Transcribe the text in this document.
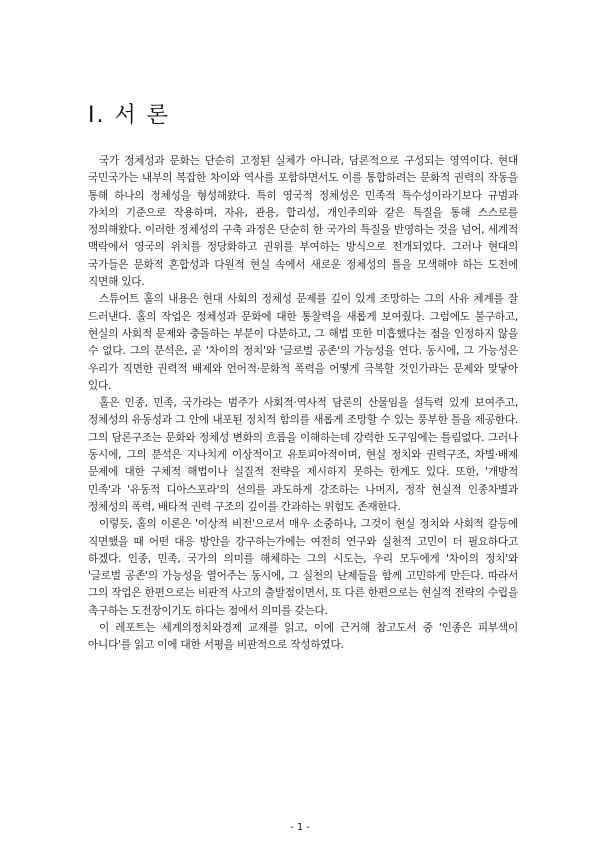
I. 서 론

국가 정체성과 문화는 단순히 고정된 실체가 아니라, 담론적으로 구성되는 영역이다. 현대 국민국가는 내부의 복잡한 차이와 역사를 포함하면서도 이를 통합하려는 문화적 권력의 작동을 통해 하나의 정체성을 형성해왔다. 특히 영국적 정체성은 민족적 특수성이라기보다 규범과 가치의 기준으로 작용하며, 자유, 관용, 합리성, 개인주의와 같은 특질을 통해 스스로를 정의해왔다. 이러한 정체성의 구축 과정은 단순히 한 국가의 특질을 반영하는 것을 넘어, 세계적 맥락에서 영국의 위치를 정당화하고 권위를 부여하는 방식으로 전개되었다. 그러나 현대의 국가들은 문화적 혼합성과 다원적 현실 속에서 새로운 정체성의 틀을 모색해야 하는 도전에 직면해 있다.

스튜어트 홀의 내용은 현대 사회의 정체성 문제를 깊이 있게 조망하는 그의 사유 체계를 잘 드러낸다. 홀의 작업은 정체성과 문화에 대한 통찰력을 새롭게 보여줬다. 그럼에도 불구하고, 현실의 사회적 문제와 충돌하는 부분이 다분하고, 그 해법 또한 미흡했다는 점을 인정하지 않을 수 없다. 그의 분석은, 곧 '차이의 정치'와 '글로벌 공존'의 가능성을 연다. 동시에, 그 가능성은 우리가 직면한 권력적 배제와 언어적·문화적 폭력을 어떻게 극복할 것인가라는 문제와 맞닿아 있다.

홀은 인종, 민족, 국가라는 범주가 사회적·역사적 담론의 산물임을 설득력 있게 보여주고, 정체성의 유동성과 그 안에 내포된 정치적 함의를 새롭게 조망할 수 있는 풍부한 틀을 제공한다. 그의 담론구조는 문화와 정체성 변화의 흐름을 이해하는데 강력한 도구임에는 틀림없다. 그러나 동시에, 그의 분석은 지나치게 이상적이고 유토피아적이며, 현실 정치와 권력구조, 차별·배제 문제에 대한 구체적 해법이나 실질적 전략을 제시하지 못하는 한계도 있다. 또한, '개방적 민족'과 '유동적 디아스포라'의 선의를 과도하게 강조하는 나머지, 정작 현실적 인종차별과 정체성의 폭력, 배타적 권력 구조의 깊이를 간과하는 위험도 존재한다.

이렇듯, 홀의 이론은 '이상적 비전'으로서 매우 소중하나, 그것이 현실 정치와 사회적 갈등에 직면했을 때 어떤 대응 방안을 강구하는가에는 여전히 연구와 실천적 고민이 더 필요하다고 하겠다. 인종, 민족, 국가의 의미를 해체하는 그의 시도는, 우리 모두에게 '차이의 정치'와 '글로벌 공존'의 가능성을 열어주는 동시에, 그 실천의 난제들을 함께 고민하게 만든다. 따라서 그의 작업은 한편으로는 비판적 사고의 출발점이면서, 또 다른 한편으로는 현실적 전략의 수립을 촉구하는 도전장이기도 하다는 점에서 의미를 갖는다.

이 레포트는 세계의정치와경제 교재를 읽고, 이에 근거해 참고도서 중 '인종은 피부색이 아니다'를 읽고 이에 대한 서평을 비판적으로 작성하였다.

- 1 -
